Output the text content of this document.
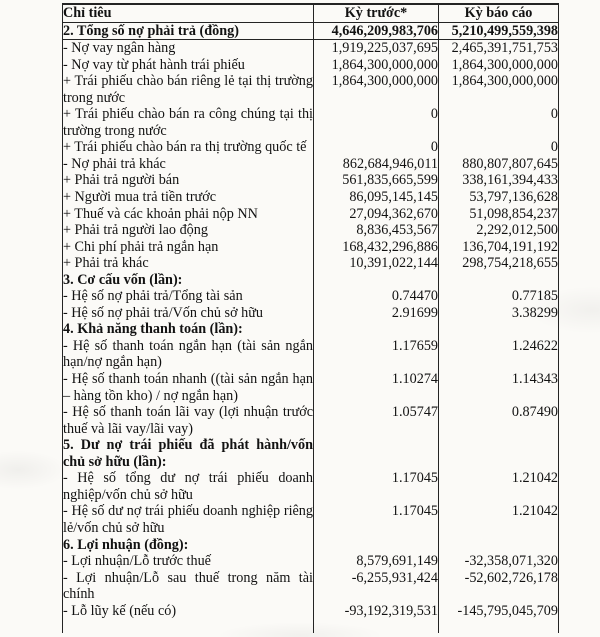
Chỉ tiêu	Kỳ trước*	Kỳ báo cáo
2. Tổng số nợ phải trả (đồng)	4,646,209,983,706	5,210,499,559,398
- Nợ vay ngân hàng	1,919,225,037,695	2,465,391,751,753
- Nợ vay từ phát hành trái phiếu	1,864,300,000,000	1,864,300,000,000
+ Trái phiếu chào bán riêng lẻ tại thị trường trong nước	1,864,300,000,000	1,864,300,000,000
+ Trái phiếu chào bán ra công chúng tại thị trường trong nước	0	0
+ Trái phiếu chào bán ra thị trường quốc tế	0	0
- Nợ phải trả khác	862,684,946,011	880,807,807,645
+ Phải trả người bán	561,835,665,599	338,161,394,433
+ Người mua trả tiền trước	86,095,145,145	53,797,136,628
+ Thuế và các khoản phải nộp NN	27,094,362,670	51,098,854,237
+ Phải trả người lao động	8,836,453,567	2,292,012,500
+ Chi phí phải trả ngắn hạn	168,432,296,886	136,704,191,192
+ Phải trả khác	10,391,022,144	298,754,218,655
3. Cơ cấu vốn (lần):		
- Hệ số nợ phải trả/Tổng tài sản	0.74470	0.77185
- Hệ số nợ phải trả/Vốn chủ sở hữu	2.91699	3.38299
4. Khả năng thanh toán (lần):		
- Hệ số thanh toán ngắn hạn (tài sản ngắn hạn/nợ ngắn hạn)	1.17659	1.24622
- Hệ số thanh toán nhanh ((tài sản ngắn hạn – hàng tồn kho) / nợ ngắn hạn)	1.10274	1.14343
- Hệ số thanh toán lãi vay (lợi nhuận trước thuế và lãi vay/lãi vay)	1.05747	0.87490
5. Dư nợ trái phiếu đã phát hành/vốn chủ sở hữu (lần):		
- Hệ số tổng dư nợ trái phiếu doanh nghiệp/vốn chủ sở hữu	1.17045	1.21042
- Hệ số dư nợ trái phiếu doanh nghiệp riêng lẻ/vốn chủ sở hữu	1.17045	1.21042
6. Lợi nhuận (đồng):		
- Lợi nhuận/Lỗ trước thuế	8,579,691,149	-32,358,071,320
- Lợi nhuận/Lỗ sau thuế trong năm tài chính	-6,255,931,424	-52,602,726,178
- Lỗ lũy kế (nếu có)	-93,192,319,531	-145,795,045,709
